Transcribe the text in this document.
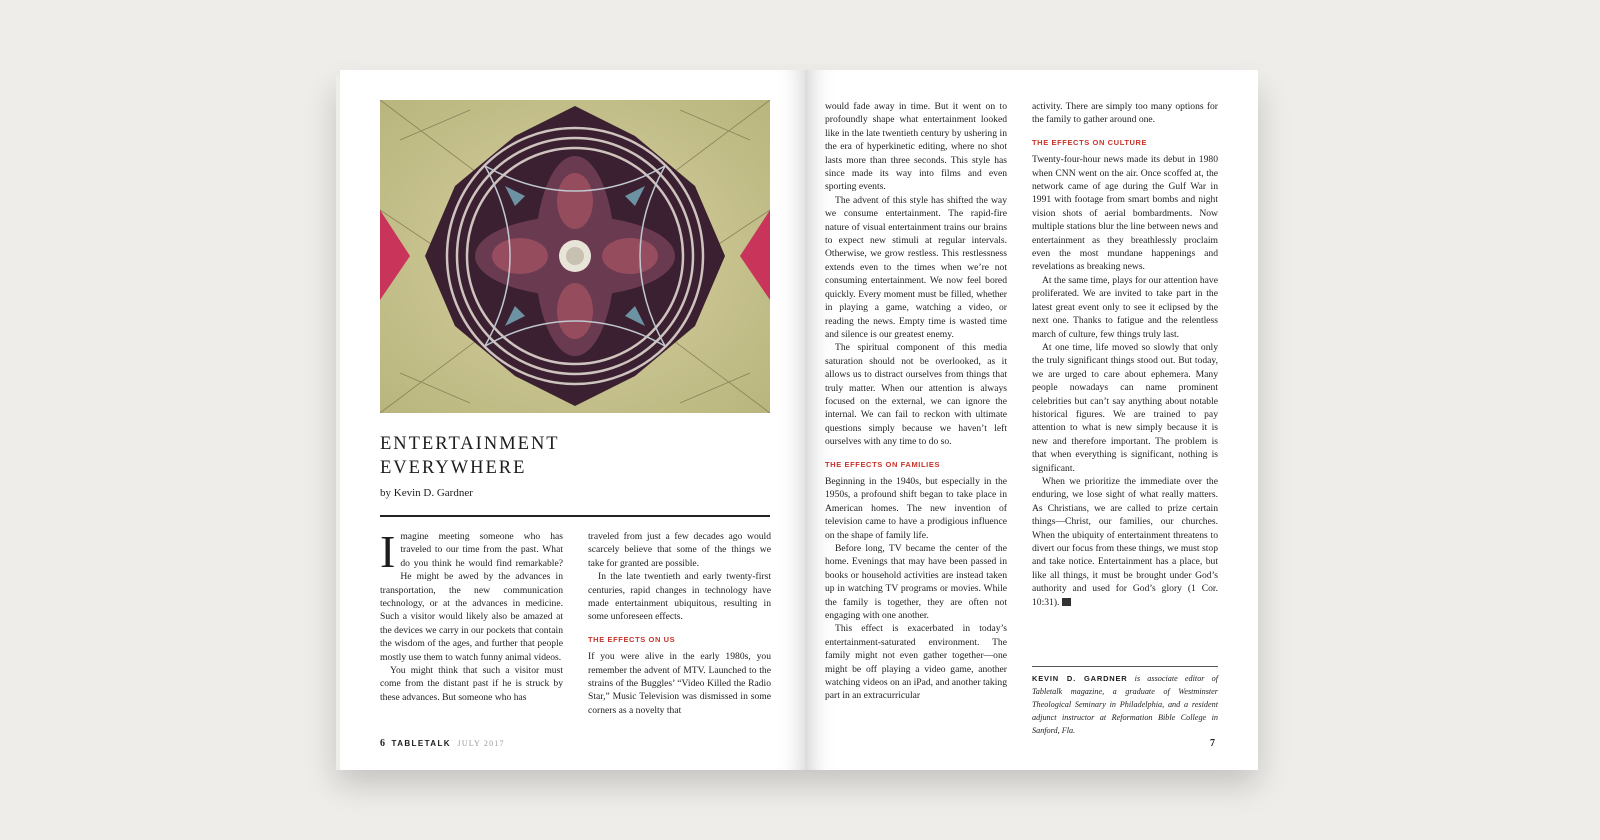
ENTERTAINMENT
EVERYWHERE
by Kevin D. Gardner

Imagine meeting someone who has traveled to our time from the past. What do you think he would find remarkable? He might be awed by the advances in transportation, the new communication technology, or at the advances in medicine. Such a visitor would likely also be amazed at the devices we carry in our pockets that contain the wisdom of the ages, and further that people mostly use them to watch funny animal videos.

You might think that such a visitor must come from the distant past if he is struck by these advances. But someone who has

traveled from just a few decades ago would scarcely believe that some of the things we take for granted are possible.

In the late twentieth and early twenty-first centuries, rapid changes in technology have made entertainment ubiquitous, resulting in some unforeseen effects.

THE EFFECTS ON US

If you were alive in the early 1980s, you remember the advent of MTV. Launched to the strains of the Buggles’ “Video Killed the Radio Star,” Music Television was dismissed in some corners as a novelty that

would fade away in time. But it went on to profoundly shape what entertainment looked like in the late twentieth century by ushering in the era of hyperkinetic editing, where no shot lasts more than three seconds. This style has since made its way into films and even sporting events.

The advent of this style has shifted the way we consume entertainment. The rapid-fire nature of visual entertainment trains our brains to expect new stimuli at regular intervals. Otherwise, we grow restless. This restlessness extends even to the times when we’re not consuming entertainment. We now feel bored quickly. Every moment must be filled, whether in playing a game, watching a video, or reading the news. Empty time is wasted time and silence is our greatest enemy.

The spiritual component of this media saturation should not be overlooked, as it allows us to distract ourselves from things that truly matter. When our attention is always focused on the external, we can ignore the internal. We can fail to reckon with ultimate questions simply because we haven’t left ourselves with any time to do so.

THE EFFECTS ON FAMILIES

Beginning in the 1940s, but especially in the 1950s, a profound shift began to take place in American homes. The new invention of television came to have a prodigious influence on the shape of family life.

Before long, TV became the center of the home. Evenings that may have been passed in books or household activities are instead taken up in watching TV programs or movies. While the family is together, they are often not engaging with one another.

This effect is exacerbated in today’s entertainment-saturated environment. The family might not even gather together—one might be off playing a video game, another watching videos on an iPad, and another taking part in an extracurricular

activity. There are simply too many options for the family to gather around one.

THE EFFECTS ON CULTURE

Twenty-four-hour news made its debut in 1980 when CNN went on the air. Once scoffed at, the network came of age during the Gulf War in 1991 with footage from smart bombs and night vision shots of aerial bombardments. Now multiple stations blur the line between news and entertainment as they breathlessly proclaim even the most mundane happenings and revelations as breaking news.

At the same time, plays for our attention have proliferated. We are invited to take part in the latest great event only to see it eclipsed by the next one. Thanks to fatigue and the relentless march of culture, few things truly last.

At one time, life moved so slowly that only the truly significant things stood out. But today, we are urged to care about ephemera. Many people nowadays can name prominent celebrities but can’t say anything about notable historical figures. We are trained to pay attention to what is new simply because it is new and therefore important. The problem is that when everything is significant, nothing is significant.

When we prioritize the immediate over the enduring, we lose sight of what really matters. As Christians, we are called to prize certain things—Christ, our families, our churches. When the ubiquity of entertainment threatens to divert our focus from these things, we must stop and take notice. Entertainment has a place, but like all things, it must be brought under God’s authority and used for God’s glory (1 Cor. 10:31). T

KEVIN D. GARDNER is associate editor of Tabletalk magazine, a graduate of Westminster Theological Seminary in Philadelphia, and a resident adjunct instructor at Reformation Bible College in Sanford, Fla.

6 TABLETALK JULY 2017	7
